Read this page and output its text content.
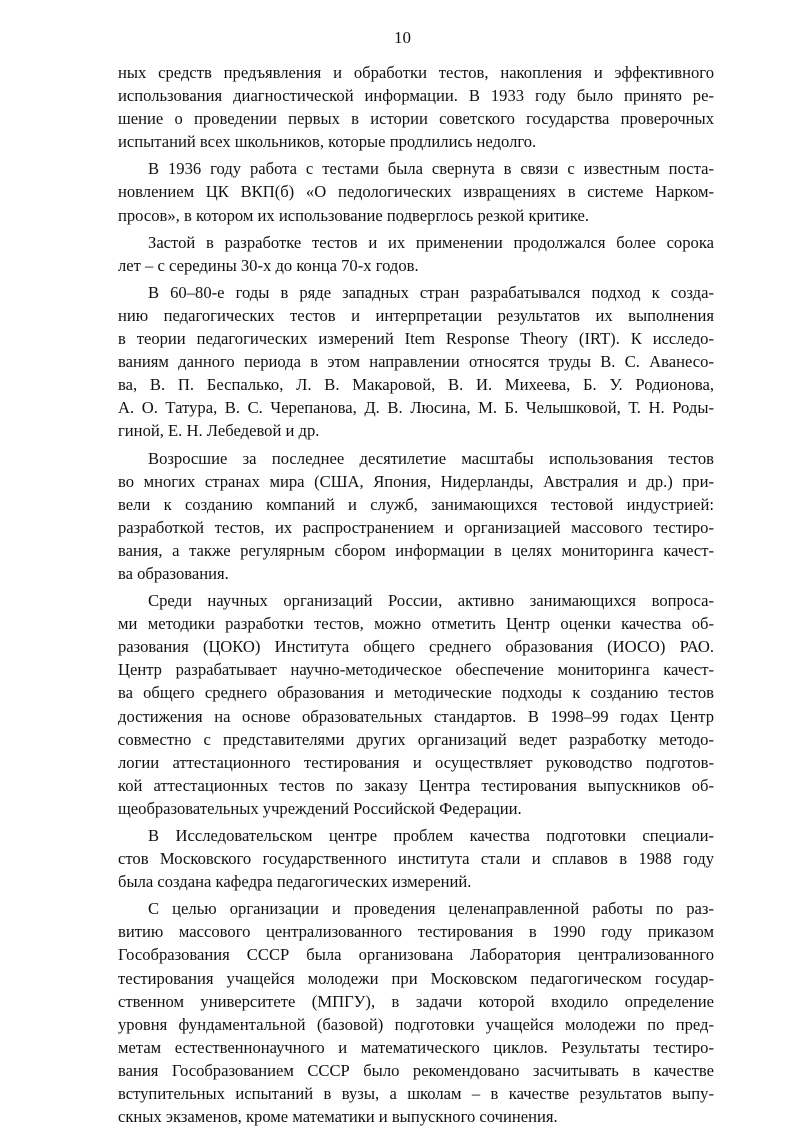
10
ных средств предъявления и обработки тестов, накопления и эффективного
использования диагностической информации. В 1933 году было принято ре-
шение о проведении первых в истории советского государства проверочных
испытаний всех школьников, которые продлились недолго.
В 1936 году работа с тестами была свернута в связи с известным поста-
новлением ЦК ВКП(б) «О педологических извращениях в системе Нарком-
просов», в котором их использование подверглось резкой критике.
Застой в разработке тестов и их применении продолжался более сорока
лет – с середины 30-х до конца 70-х годов.
В 60–80-е годы в ряде западных стран разрабатывался подход к созда-
нию педагогических тестов и интерпретации результатов их выполнения
в теории педагогических измерений Item Response Theory (IRT). К исследо-
ваниям данного периода в этом направлении относятся труды В. С. Аванесо-
ва, В. П. Беспалько, Л. В. Макаровой, В. И. Михеева, Б. У. Родионова,
А. О. Татура, В. С. Черепанова, Д. В. Люсина, М. Б. Челышковой, Т. Н. Роды-
гиной, Е. Н. Лебедевой и др.
Возросшие за последнее десятилетие масштабы использования тестов
во многих странах мира (США, Япония, Нидерланды, Австралия и др.) при-
вели к созданию компаний и служб, занимающихся тестовой индустрией:
разработкой тестов, их распространением и организацией массового тестиро-
вания, а также регулярным сбором информации в целях мониторинга качест-
ва образования.
Среди научных организаций России, активно занимающихся вопроса-
ми методики разработки тестов, можно отметить Центр оценки качества об-
разования (ЦОКО) Института общего среднего образования (ИОСО) РАО.
Центр разрабатывает научно-методическое обеспечение мониторинга качест-
ва общего среднего образования и методические подходы к созданию тестов
достижения на основе образовательных стандартов. В 1998–99 годах Центр
совместно с представителями других организаций ведет разработку методо-
логии аттестационного тестирования и осуществляет руководство подготов-
кой аттестационных тестов по заказу Центра тестирования выпускников об-
щеобразовательных учреждений Российской Федерации.
В Исследовательском центре проблем качества подготовки специали-
стов Московского государственного института стали и сплавов в 1988 году
была создана кафедра педагогических измерений.
С целью организации и проведения целенаправленной работы по раз-
витию массового централизованного тестирования в 1990 году приказом
Гособразования СССР была организована Лаборатория централизованного
тестирования учащейся молодежи при Московском педагогическом государ-
ственном университете (МПГУ), в задачи которой входило определение
уровня фундаментальной (базовой) подготовки учащейся молодежи по пред-
метам естественнонаучного и математического циклов. Результаты тестиро-
вания Гособразованием СССР было рекомендовано засчитывать в качестве
вступительных испытаний в вузы, а школам – в качестве результатов выпу-
скных экзаменов, кроме математики и выпускного сочинения.
